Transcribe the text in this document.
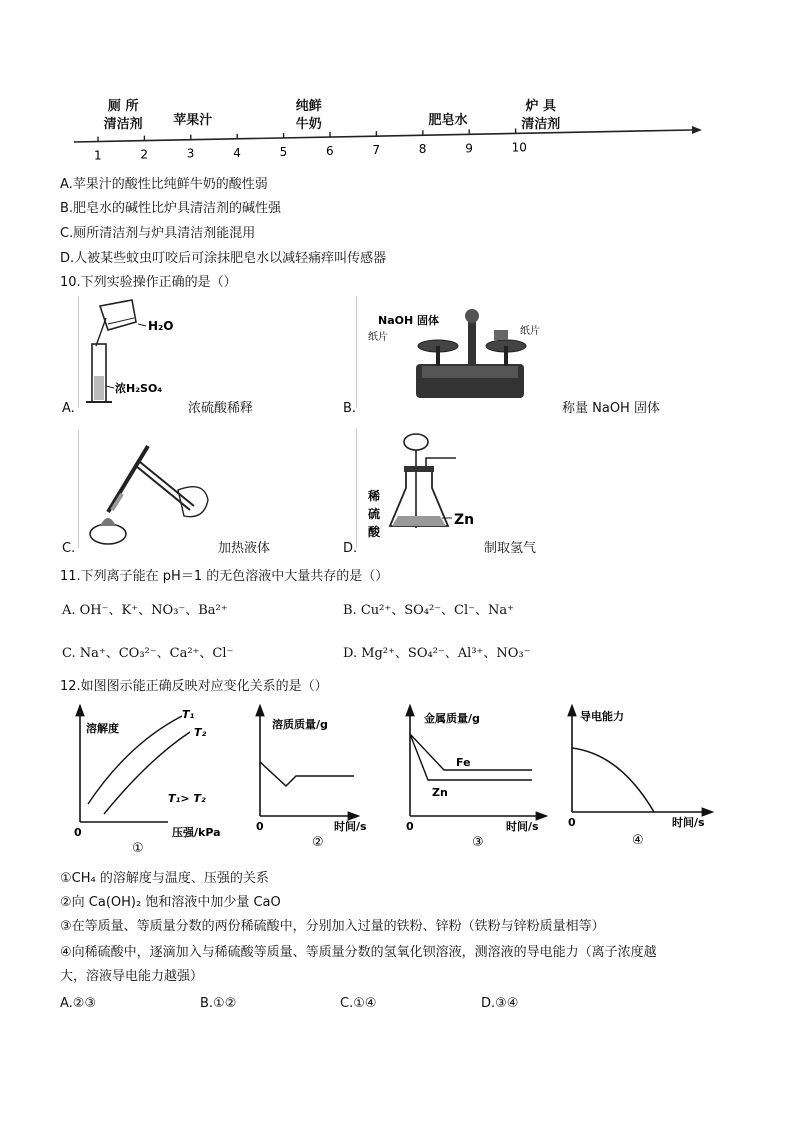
1	2	3	4	5	6	7	8	9	10
厕 所
清洁剂	苹果汁
纯鲜
牛奶	肥皂水
炉 具
清洁剂
A.苹果汁的酸性比纯鲜牛奶的酸性弱
B.肥皂水的碱性比炉具清洁剂的碱性强
C.厕所清洁剂与炉具清洁剂能混用
D.人被某些蚊虫叮咬后可涂抹肥皂水以减轻痛痒叫传感器
10.下列实验操作正确的是（）
H₂O
浓H₂SO₄
A.	浓硫酸稀释
NaOH 固体
纸片
纸片
B.	称量 NaOH 固体
C.	加热液体
稀
硫
酸
Zn
D.	制取氢气
11.下列离子能在 pH＝1 的无色溶液中大量共存的是（）
A. OH⁻、K⁺、NO₃⁻、Ba²⁺	B. Cu²⁺、SO₄²⁻、Cl⁻、Na⁺
C. Na⁺、CO₃²⁻、Ca²⁺、Cl⁻	D. Mg²⁺、SO₄²⁻、Al³⁺、NO₃⁻
12.如图图示能正确反映对应变化关系的是（）
溶解度
T₁
T₂
T₁> T₂
0	压强/kPa
①
溶质质量/g
0	时间/s
②
金属质量/g
Fe
Zn
0	时间/s
③
导电能力
0	时间/s
④
①CH₄ 的溶解度与温度、压强的关系
②向 Ca(OH)₂ 饱和溶液中加少量 CaO
③在等质量、等质量分数的两份稀硫酸中，分别加入过量的铁粉、锌粉（铁粉与锌粉质量相等）
④向稀硫酸中，逐滴加入与稀硫酸等质量、等质量分数的氢氧化钡溶液，测溶液的导电能力（离子浓度越
大，溶液导电能力越强）
A.②③	B.①②	C.①④	D.③④
